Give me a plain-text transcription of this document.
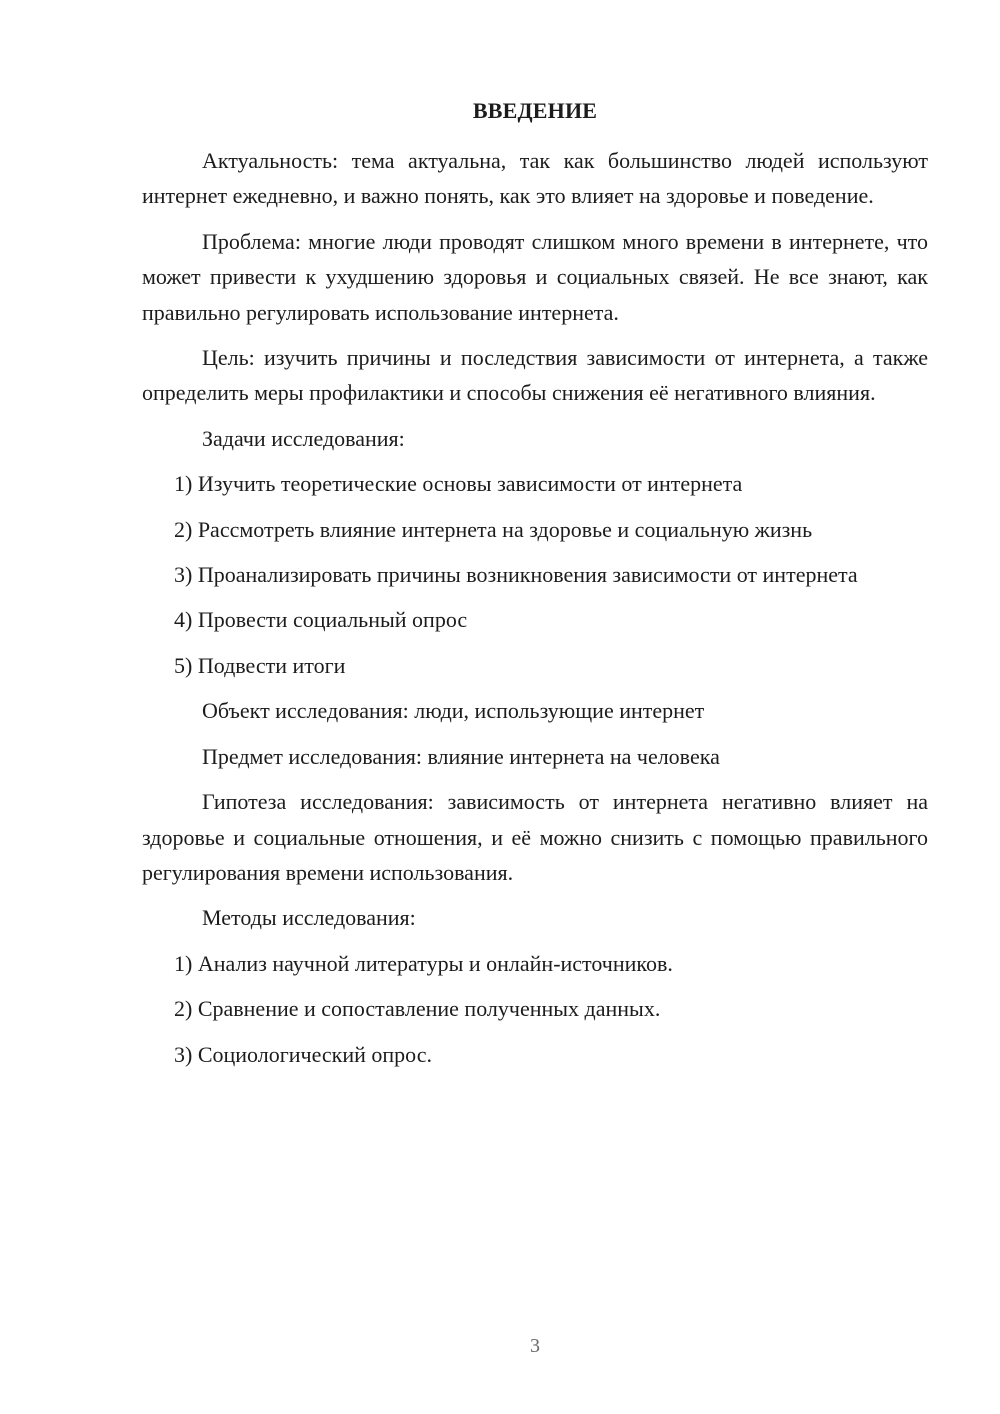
ВВЕДЕНИЕ

Актуальность: тема актуальна, так как большинство людей используют интернет ежедневно, и важно понять, как это влияет на здоровье и поведение.

Проблема: многие люди проводят слишком много времени в интернете, что может привести к ухудшению здоровья и социальных связей. Не все знают, как правильно регулировать использование интернета.

Цель: изучить причины и последствия зависимости от интернета, а также определить меры профилактики и способы снижения её негативного влияния.

Задачи исследования:

1) Изучить теоретические основы зависимости от интернета

2) Рассмотреть влияние интернета на здоровье и социальную жизнь

3) Проанализировать причины возникновения зависимости от интернета

4) Провести социальный опрос

5) Подвести итоги

Объект исследования: люди, использующие интернет

Предмет исследования: влияние интернета на человека

Гипотеза исследования: зависимость от интернета негативно влияет на здоровье и социальные отношения, и её можно снизить с помощью правильного регулирования времени использования.

Методы исследования:

1) Анализ научной литературы и онлайн-источников.

2) Сравнение и сопоставление полученных данных.

3) Социологический опрос.

3
